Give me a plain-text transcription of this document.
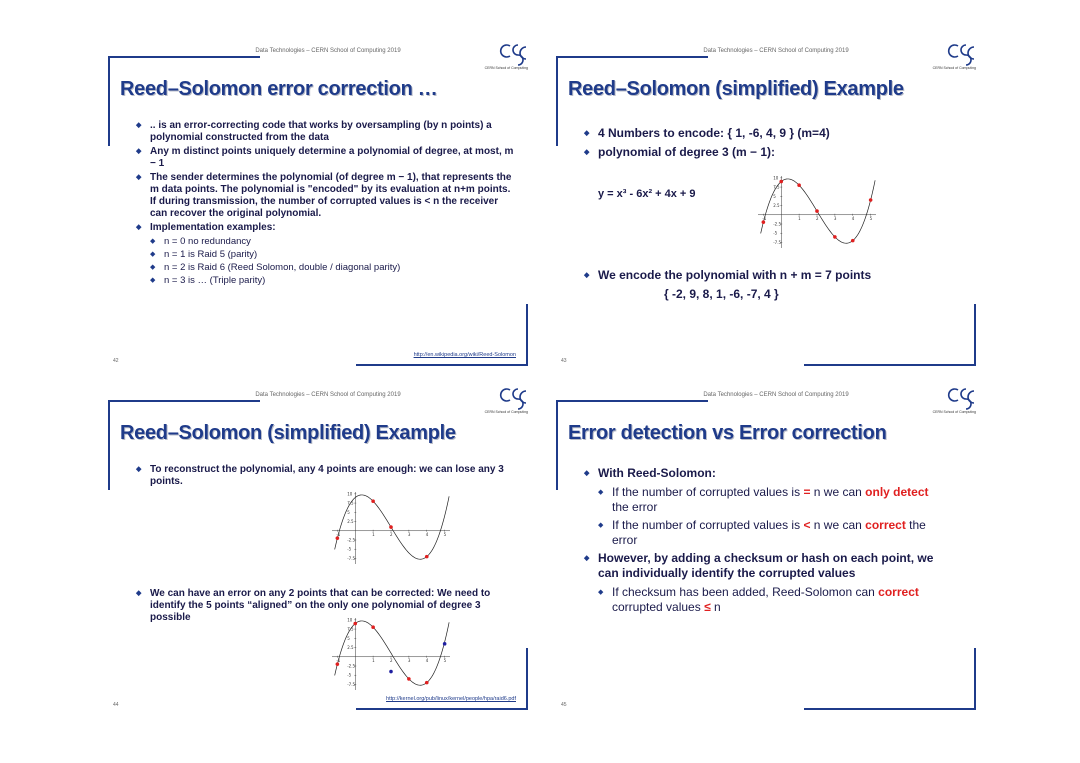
Data Technologies – CERN School of Computing 2019
CERN School of Computing
Reed–Solomon error correction …
◆ .. is an error-correcting code that works by oversampling (by n points) a polynomial constructed from the data
◆ Any m distinct points uniquely determine a polynomial of degree, at most, m − 1
◆ The sender determines the polynomial (of degree m − 1), that represents the m data points. The polynomial is "encoded" by its evaluation at n+m points. If during transmission, the number of corrupted values is < n the receiver can recover the original polynomial.
◆ Implementation examples:
◆ n = 0 no redundancy
◆ n = 1 is Raid 5 (parity)
◆ n = 2 is Raid 6 (Reed Solomon, double / diagonal parity)
◆ n = 3 is … (Triple parity)
http://en.wikipedia.org/wiki/Reed-Solomon
42
Data Technologies – CERN School of Computing 2019
CERN School of Computing
Reed–Solomon (simplified) Example
◆ 4 Numbers to encode: { 1, -6, 4, 9 } (m=4)
◆ polynomial of degree 3 (m − 1):
y = x³ - 6x² + 4x + 9
-1	1	2	3	4	5
10
7.5
5
2.5
-2.5
-5
-7.5
◆ We encode the polynomial with n + m = 7 points
{ -2, 9, 8, 1, -6, -7, 4 }
43
Data Technologies – CERN School of Computing 2019
CERN School of Computing
Reed–Solomon (simplified) Example
◆ To reconstruct the polynomial, any 4 points are enough: we can lose any 3 points.
-1	1	2	3	4	5
10
7.5
5
2.5
-2.5
-5
-7.5
◆ We can have an error on any 2 points that can be corrected: We need to identify the 5 points “aligned” on the only one polynomial of degree 3 possible
-1	1	2	3	4	5
10
7.5
5
2.5
-2.5
-5
-7.5
http://kernel.org/pub/linux/kernel/people/hpa/raid6.pdf
44
Data Technologies – CERN School of Computing 2019
CERN School of Computing
Error detection vs Error correction
◆ With Reed-Solomon:
◆ If the number of corrupted values is = n we can only detect the error
◆ If the number of corrupted values is < n we can correct the error
◆ However, by adding a checksum or hash on each point, we can individually identify the corrupted values
◆ If checksum has been added, Reed-Solomon can correct corrupted values ≤ n
45
